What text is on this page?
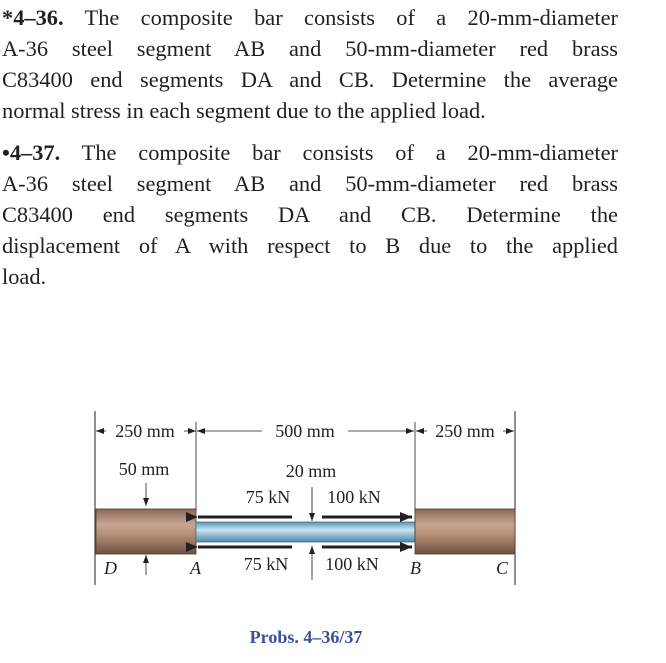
*4–36. The composite bar consists of a 20-mm-diameter

A-36 steel segment AB and 50-mm-diameter red brass

C83400 end segments DA and CB. Determine the average

normal stress in each segment due to the applied load.

•4–37. The composite bar consists of a 20-mm-diameter

A-36 steel segment AB and 50-mm-diameter red brass

C83400 end segments DA and CB. Determine the

displacement of A with respect to B due to the applied

load.

250 mm	500 mm	250 mm
50 mm	20 mm
75 kN 100 kN
75 kN 100 kN
D	A	B	C
Probs. 4–36/37
